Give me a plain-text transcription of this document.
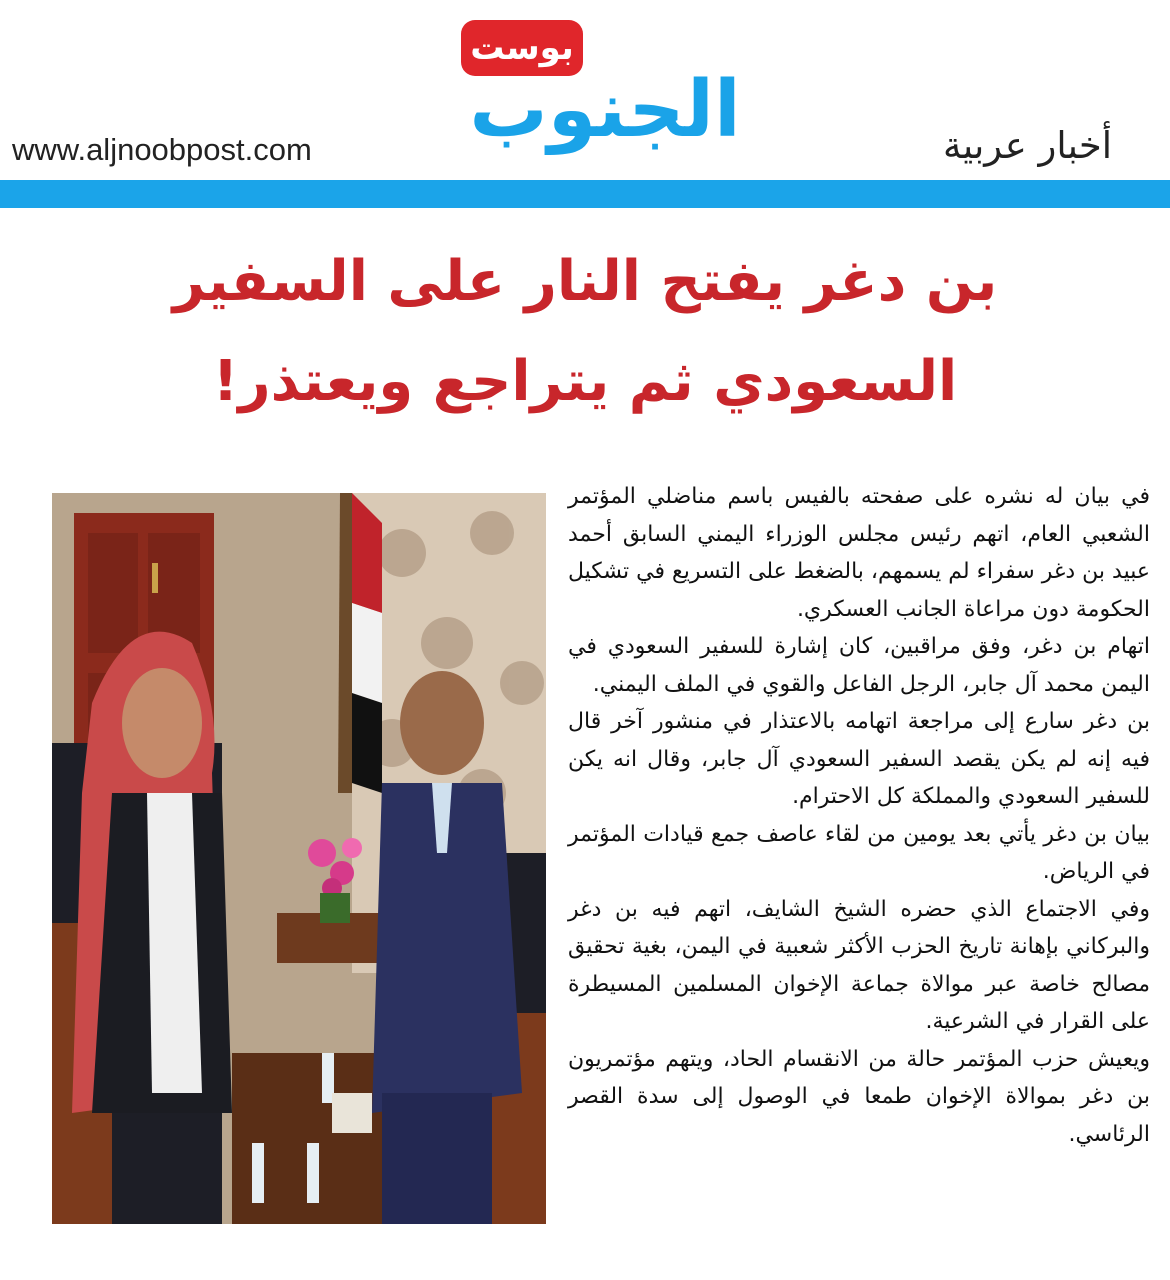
بوست
الجنوب
www.aljnoobpost.com	أخبار عربية
بن دغر يفتح النار على السفير
السعودي ثم يتراجع ويعتذر!

في بيان له نشره على صفحته بالفيس باسم مناضلي المؤتمر الشعبي العام، اتهم رئيس مجلس الوزراء اليمني السابق أحمد عبيد بن دغر سفراء لم يسمهم، بالضغط على التسريع في تشكيل الحكومة دون مراعاة الجانب العسكري.

اتهام بن دغر، وفق مراقبين، كان إشارة للسفير السعودي في اليمن محمد آل جابر، الرجل الفاعل والقوي في الملف اليمني.

بن دغر سارع إلى مراجعة اتهامه بالاعتذار في منشور آخر قال فيه إنه لم يكن يقصد السفير السعودي آل جابر، وقال انه يكن للسفير السعودي والمملكة كل الاحترام.

بيان بن دغر يأتي بعد يومين من لقاء عاصف جمع قيادات المؤتمر في الرياض.

وفي الاجتماع الذي حضره الشيخ الشايف، اتهم فيه بن دغر والبركاني بإهانة تاريخ الحزب الأكثر شعبية في اليمن، بغية تحقيق مصالح خاصة عبر موالاة جماعة الإخوان المسلمين المسيطرة على القرار في الشرعية.

ويعيش حزب المؤتمر حالة من الانقسام الحاد، ويتهم مؤتمريون بن دغر بموالاة الإخوان طمعا في الوصول إلى سدة القصر الرئاسي.
